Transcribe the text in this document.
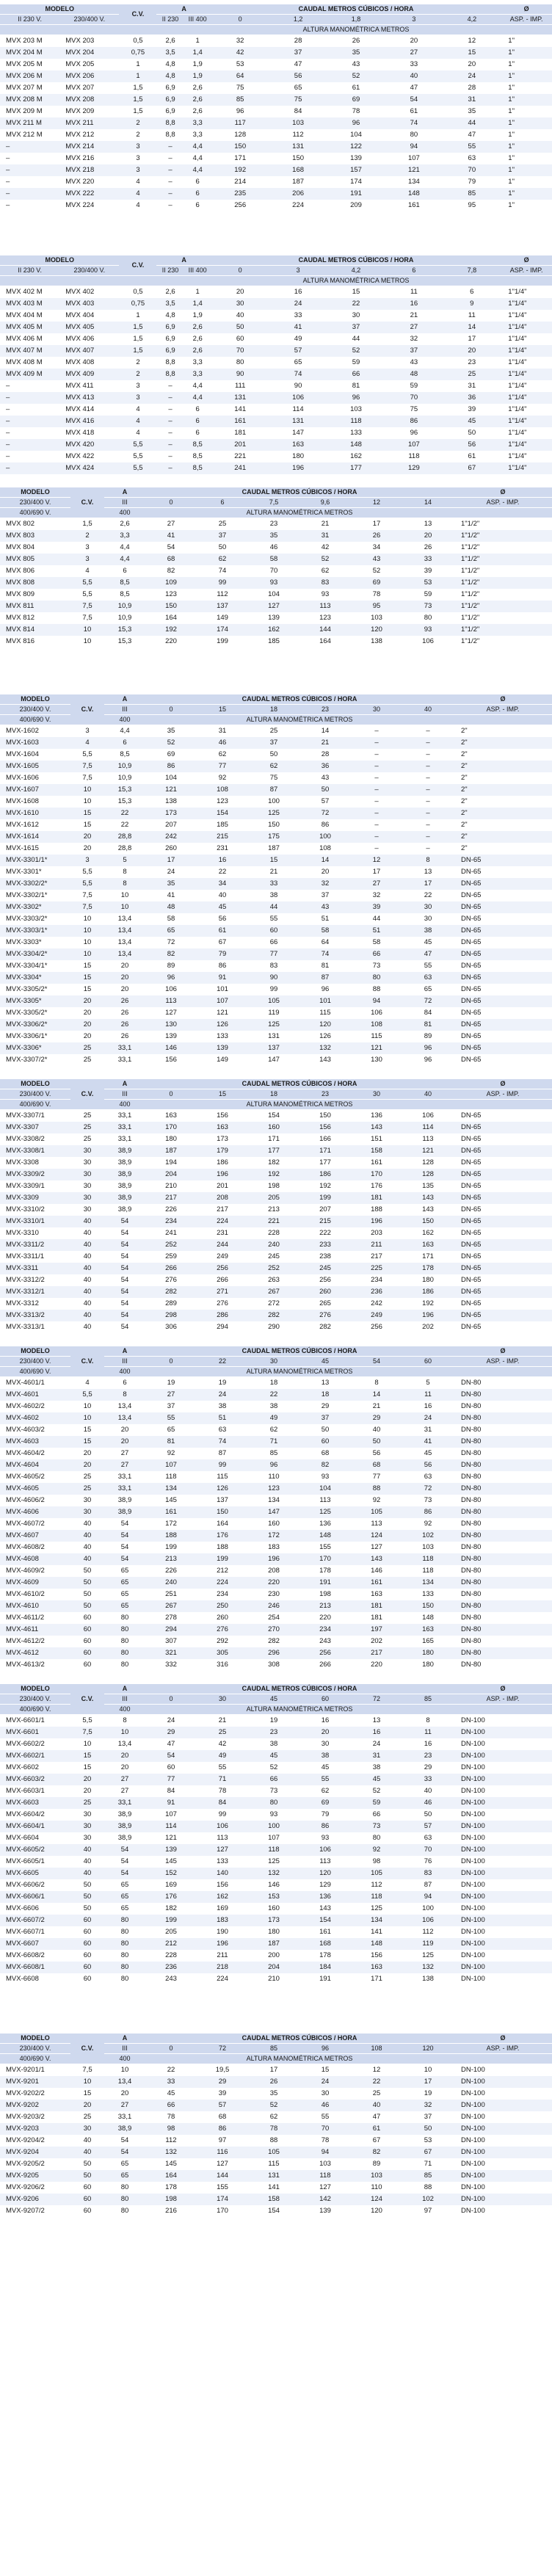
MODELO		C.V.	A		CAUDAL METROS CÚBICOS / HORA					Ø
II 230 V.	230/400 V.		II 230	III 400	0	1,2	1,8	3	4,2	ASP. - IMP.
					ALTURA MANOMÉTRICA METROS					
MVX 203 M	MVX 203	0,5	2,6	1	32	28	26	20	12	1"
MVX 204 M	MVX 204	0,75	3,5	1,4	42	37	35	27	15	1"
MVX 205 M	MVX 205	1	4,8	1,9	53	47	43	33	20	1"
MVX 206 M	MVX 206	1	4,8	1,9	64	56	52	40	24	1"
MVX 207 M	MVX 207	1,5	6,9	2,6	75	65	61	47	28	1"
MVX 208 M	MVX 208	1,5	6,9	2,6	85	75	69	54	31	1"
MVX 209 M	MVX 209	1,5	6,9	2,6	96	84	78	61	35	1"
MVX 211 M	MVX 211	2	8,8	3,3	117	103	96	74	44	1"
MVX 212 M	MVX 212	2	8,8	3,3	128	112	104	80	47	1"
–	MVX 214	3	–	4,4	150	131	122	94	55	1"
–	MVX 216	3	–	4,4	171	150	139	107	63	1"
–	MVX 218	3	–	4,4	192	168	157	121	70	1"
–	MVX 220	4	–	6	214	187	174	134	79	1"
–	MVX 222	4	–	6	235	206	191	148	85	1"
–	MVX 224	4	–	6	256	224	209	161	95	1"
MODELO		C.V.	A		CAUDAL METROS CÚBICOS / HORA					Ø
II 230 V.	230/400 V.		II 230	III 400	0	3	4,2	6	7,8	ASP. - IMP.
					ALTURA MANOMÉTRICA METROS					
MVX 402 M	MVX 402	0,5	2,6	1	20	16	15	11	6	1"1/4"
MVX 403 M	MVX 403	0,75	3,5	1,4	30	24	22	16	9	1"1/4"
MVX 404 M	MVX 404	1	4,8	1,9	40	33	30	21	11	1"1/4"
MVX 405 M	MVX 405	1,5	6,9	2,6	50	41	37	27	14	1"1/4"
MVX 406 M	MVX 406	1,5	6,9	2,6	60	49	44	32	17	1"1/4"
MVX 407 M	MVX 407	1,5	6,9	2,6	70	57	52	37	20	1"1/4"
MVX 408 M	MVX 408	2	8,8	3,3	80	65	59	43	23	1"1/4"
MVX 409 M	MVX 409	2	8,8	3,3	90	74	66	48	25	1"1/4"
–	MVX 411	3	–	4,4	111	90	81	59	31	1"1/4"
–	MVX 413	3	–	4,4	131	106	96	70	36	1"1/4"
–	MVX 414	4	–	6	141	114	103	75	39	1"1/4"
–	MVX 416	4	–	6	161	131	118	86	45	1"1/4"
–	MVX 418	4	–	6	181	147	133	96	50	1"1/4"
–	MVX 420	5,5	–	8,5	201	163	148	107	56	1"1/4"
–	MVX 422	5,5	–	8,5	221	180	162	118	61	1"1/4"
–	MVX 424	5,5	–	8,5	241	196	177	129	67	1"1/4"
MODELO	C.V.	A	CAUDAL METROS CÚBICOS / HORA						Ø
230/400 V.		III	0	6	7,5	9,6	12	14	ASP. - IMP.
400/690 V.		400	ALTURA MANOMÉTRICA METROS						
MVX 802	1,5	2,6	27	25	23	21	17	13	1"1/2"
MVX 803	2	3,3	41	37	35	31	26	20	1"1/2"
MVX 804	3	4,4	54	50	46	42	34	26	1"1/2"
MVX 805	3	4,4	68	62	58	52	43	33	1"1/2"
MVX 806	4	6	82	74	70	62	52	39	1"1/2"
MVX 808	5,5	8,5	109	99	93	83	69	53	1"1/2"
MVX 809	5,5	8,5	123	112	104	93	78	59	1"1/2"
MVX 811	7,5	10,9	150	137	127	113	95	73	1"1/2"
MVX 812	7,5	10,9	164	149	139	123	103	80	1"1/2"
MVX 814	10	15,3	192	174	162	144	120	93	1"1/2"
MVX 816	10	15,3	220	199	185	164	138	106	1"1/2"
MODELO	C.V.	A	CAUDAL METROS CÚBICOS / HORA						Ø
230/400 V.		III	0	15	18	23	30	40	ASP. - IMP.
400/690 V.		400	ALTURA MANOMÉTRICA METROS						
MVX-1602	3	4,4	35	31	25	14	–	–	2"
MVX-1603	4	6	52	46	37	21	–	–	2"
MVX-1604	5,5	8,5	69	62	50	28	–	–	2"
MVX-1605	7,5	10,9	86	77	62	36	–	–	2"
MVX-1606	7,5	10,9	104	92	75	43	–	–	2"
MVX-1607	10	15,3	121	108	87	50	–	–	2"
MVX-1608	10	15,3	138	123	100	57	–	–	2"
MVX-1610	15	22	173	154	125	72	–	–	2"
MVX-1612	15	22	207	185	150	86	–	–	2"
MVX-1614	20	28,8	242	215	175	100	–	–	2"
MVX-1615	20	28,8	260	231	187	108	–	–	2"
MVX-3301/1*	3	5	17	16	15	14	12	8	DN-65
MVX-3301*	5,5	8	24	22	21	20	17	13	DN-65
MVX-3302/2*	5,5	8	35	34	33	32	27	17	DN-65
MVX-3302/1*	7,5	10	41	40	38	37	32	22	DN-65
MVX-3302*	7,5	10	48	45	44	43	39	30	DN-65
MVX-3303/2*	10	13,4	58	56	55	51	44	30	DN-65
MVX-3303/1*	10	13,4	65	61	60	58	51	38	DN-65
MVX-3303*	10	13,4	72	67	66	64	58	45	DN-65
MVX-3304/2*	10	13,4	82	79	77	74	66	47	DN-65
MVX-3304/1*	15	20	89	86	83	81	73	55	DN-65
MVX-3304*	15	20	96	91	90	87	80	63	DN-65
MVX-3305/2*	15	20	106	101	99	96	88	65	DN-65
MVX-3305*	20	26	113	107	105	101	94	72	DN-65
MVX-3305/2*	20	26	127	121	119	115	106	84	DN-65
MVX-3306/2*	20	26	130	126	125	120	108	81	DN-65
MVX-3306/1*	20	26	139	133	131	126	115	89	DN-65
MVX-3306*	25	33,1	146	139	137	132	121	96	DN-65
MVX-3307/2*	25	33,1	156	149	147	143	130	96	DN-65
MODELO	C.V.	A	CAUDAL METROS CÚBICOS / HORA						Ø
230/400 V.		III	0	15	18	23	30	40	ASP. - IMP.
400/690 V.		400	ALTURA MANOMÉTRICA METROS						
MVX-3307/1	25	33,1	163	156	154	150	136	106	DN-65
MVX-3307	25	33,1	170	163	160	156	143	114	DN-65
MVX-3308/2	25	33,1	180	173	171	166	151	113	DN-65
MVX-3308/1	30	38,9	187	179	177	171	158	121	DN-65
MVX-3308	30	38,9	194	186	182	177	161	128	DN-65
MVX-3309/2	30	38,9	204	196	192	186	170	128	DN-65
MVX-3309/1	30	38,9	210	201	198	192	176	135	DN-65
MVX-3309	30	38,9	217	208	205	199	181	143	DN-65
MVX-3310/2	30	38,9	226	217	213	207	188	143	DN-65
MVX-3310/1	40	54	234	224	221	215	196	150	DN-65
MVX-3310	40	54	241	231	228	222	203	162	DN-65
MVX-3311/2	40	54	252	244	240	233	211	163	DN-65
MVX-3311/1	40	54	259	249	245	238	217	171	DN-65
MVX-3311	40	54	266	256	252	245	225	178	DN-65
MVX-3312/2	40	54	276	266	263	256	234	180	DN-65
MVX-3312/1	40	54	282	271	267	260	236	186	DN-65
MVX-3312	40	54	289	276	272	265	242	192	DN-65
MVX-3313/2	40	54	298	286	282	276	249	196	DN-65
MVX-3313/1	40	54	306	294	290	282	256	202	DN-65
MODELO	C.V.	A	CAUDAL METROS CÚBICOS / HORA						Ø
230/400 V.		III	0	22	30	45	54	60	ASP. - IMP.
400/690 V.		400	ALTURA MANOMÉTRICA METROS						
MVX-4601/1	4	6	19	19	18	13	8	5	DN-80
MVX-4601	5,5	8	27	24	22	18	14	11	DN-80
MVX-4602/2	10	13,4	37	38	38	29	21	16	DN-80
MVX-4602	10	13,4	55	51	49	37	29	24	DN-80
MVX-4603/2	15	20	65	63	62	50	40	31	DN-80
MVX-4603	15	20	81	74	71	60	50	41	DN-80
MVX-4604/2	20	27	92	87	85	68	56	45	DN-80
MVX-4604	20	27	107	99	96	82	68	56	DN-80
MVX-4605/2	25	33,1	118	115	110	93	77	63	DN-80
MVX-4605	25	33,1	134	126	123	104	88	72	DN-80
MVX-4606/2	30	38,9	145	137	134	113	92	73	DN-80
MVX-4606	30	38,9	161	150	147	125	105	86	DN-80
MVX-4607/2	40	54	172	164	160	136	113	92	DN-80
MVX-4607	40	54	188	176	172	148	124	102	DN-80
MVX-4608/2	40	54	199	188	183	155	127	103	DN-80
MVX-4608	40	54	213	199	196	170	143	118	DN-80
MVX-4609/2	50	65	226	212	208	178	146	118	DN-80
MVX-4609	50	65	240	224	220	191	161	134	DN-80
MVX-4610/2	50	65	251	234	230	198	163	133	DN-80
MVX-4610	50	65	267	250	246	213	181	150	DN-80
MVX-4611/2	60	80	278	260	254	220	181	148	DN-80
MVX-4611	60	80	294	276	270	234	197	163	DN-80
MVX-4612/2	60	80	307	292	282	243	202	165	DN-80
MVX-4612	60	80	321	305	296	256	217	180	DN-80
MVX-4613/2	60	80	332	316	308	266	220	180	DN-80
MODELO	C.V.	A	CAUDAL METROS CÚBICOS / HORA						Ø
230/400 V.		III	0	30	45	60	72	85	ASP. - IMP.
400/690 V.		400	ALTURA MANOMÉTRICA METROS						
MVX-6601/1	5,5	8	24	21	19	16	13	8	DN-100
MVX-6601	7,5	10	29	25	23	20	16	11	DN-100
MVX-6602/2	10	13,4	47	42	38	30	24	16	DN-100
MVX-6602/1	15	20	54	49	45	38	31	23	DN-100
MVX-6602	15	20	60	55	52	45	38	29	DN-100
MVX-6603/2	20	27	77	71	66	55	45	33	DN-100
MVX-6603/1	20	27	84	78	73	62	52	40	DN-100
MVX-6603	25	33,1	91	84	80	69	59	46	DN-100
MVX-6604/2	30	38,9	107	99	93	79	66	50	DN-100
MVX-6604/1	30	38,9	114	106	100	86	73	57	DN-100
MVX-6604	30	38,9	121	113	107	93	80	63	DN-100
MVX-6605/2	40	54	139	127	118	106	92	70	DN-100
MVX-6605/1	40	54	145	133	125	113	98	76	DN-100
MVX-6605	40	54	152	140	132	120	105	83	DN-100
MVX-6606/2	50	65	169	156	146	129	112	87	DN-100
MVX-6606/1	50	65	176	162	153	136	118	94	DN-100
MVX-6606	50	65	182	169	160	143	125	100	DN-100
MVX-6607/2	60	80	199	183	173	154	134	106	DN-100
MVX-6607/1	60	80	205	190	180	161	141	112	DN-100
MVX-6607	60	80	212	196	187	168	148	119	DN-100
MVX-6608/2	60	80	228	211	200	178	156	125	DN-100
MVX-6608/1	60	80	236	218	204	184	163	132	DN-100
MVX-6608	60	80	243	224	210	191	171	138	DN-100
MODELO	C.V.	A	CAUDAL METROS CÚBICOS / HORA						Ø
230/400 V.		III	0	72	85	96	108	120	ASP. - IMP.
400/690 V.		400	ALTURA MANOMÉTRICA METROS						
MVX-9201/1	7,5	10	22	19,5	17	15	12	10	DN-100
MVX-9201	10	13,4	33	29	26	24	22	17	DN-100
MVX-9202/2	15	20	45	39	35	30	25	19	DN-100
MVX-9202	20	27	66	57	52	46	40	32	DN-100
MVX-9203/2	25	33,1	78	68	62	55	47	37	DN-100
MVX-9203	30	38,9	98	86	78	70	61	50	DN-100
MVX-9204/2	40	54	112	97	88	78	67	53	DN-100
MVX-9204	40	54	132	116	105	94	82	67	DN-100
MVX-9205/2	50	65	145	127	115	103	89	71	DN-100
MVX-9205	50	65	164	144	131	118	103	85	DN-100
MVX-9206/2	60	80	178	155	141	127	110	88	DN-100
MVX-9206	60	80	198	174	158	142	124	102	DN-100
MVX-9207/2	60	80	216	170	154	139	120	97	DN-100
